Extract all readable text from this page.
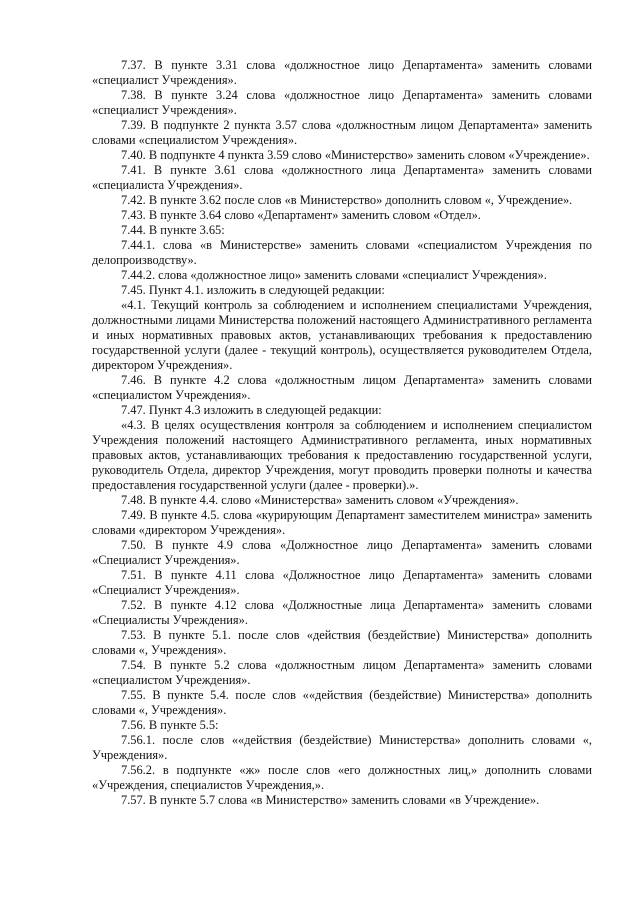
7.37. В пункте 3.31 слова «должностное лицо Департамента» заменить словами «специалист Учреждения».

7.38. В пункте 3.24 слова «должностное лицо Департамента» заменить словами «специалист Учреждения».

7.39. В подпункте 2 пункта 3.57 слова «должностным лицом Департамента» заменить словами «специалистом Учреждения».

7.40. В подпункте 4 пункта 3.59 слово «Министерство» заменить словом «Учреждение».

7.41. В пункте 3.61 слова «должностного лица Департамента» заменить словами «специалиста Учреждения».

7.42. В пункте 3.62 после слов «в Министерство» дополнить словом «, Учреждение».

7.43. В пункте 3.64 слово «Департамент» заменить словом «Отдел».

7.44. В пункте 3.65:

7.44.1. слова «в Министерстве» заменить словами «специалистом Учреждения по делопроизводству».

7.44.2. слова «должностное лицо» заменить словами «специалист Учреждения».

7.45. Пункт 4.1. изложить в следующей редакции:

«4.1. Текущий контроль за соблюдением и исполнением специалистами Учреждения, должностными лицами Министерства положений настоящего Административного регламента и иных нормативных правовых актов, устанавливающих требования к предоставлению государственной услуги (далее - текущий контроль), осуществляется руководителем Отдела, директором Учреждения».

7.46. В пункте 4.2 слова «должностным лицом Департамента» заменить словами «специалистом Учреждения».

7.47. Пункт 4.3 изложить в следующей редакции:

«4.3. В целях осуществления контроля за соблюдением и исполнением специалистом Учреждения положений настоящего Административного регламента, иных нормативных правовых актов, устанавливающих требования к предоставлению государственной услуги, руководитель Отдела, директор Учреждения, могут проводить проверки полноты и качества предоставления государственной услуги (далее - проверки).».

7.48. В пункте 4.4. слово «Министерства» заменить словом «Учреждения».

7.49. В пункте 4.5. слова «курирующим Департамент заместителем министра» заменить словами «директором Учреждения».

7.50. В пункте 4.9 слова «Должностное лицо Департамента» заменить словами «Специалист Учреждения».

7.51. В пункте 4.11 слова «Должностное лицо Департамента» заменить словами «Специалист Учреждения».

7.52. В пункте 4.12 слова «Должностные лица Департамента» заменить словами «Специалисты Учреждения».

7.53. В пункте 5.1. после слов «действия (бездействие) Министерства» дополнить словами «, Учреждения».

7.54. В пункте 5.2 слова «должностным лицом Департамента» заменить словами «специалистом Учреждения».

7.55. В пункте 5.4. после слов ««действия (бездействие) Министерства» дополнить словами «, Учреждения».

7.56. В пункте 5.5:

7.56.1. после слов ««действия (бездействие) Министерства» дополнить словами «, Учреждения».

7.56.2. в подпункте «ж» после слов «его должностных лиц,» дополнить словами «Учреждения, специалистов Учреждения,».

7.57. В пункте 5.7 слова «в Министерство» заменить словами «в Учреждение».
